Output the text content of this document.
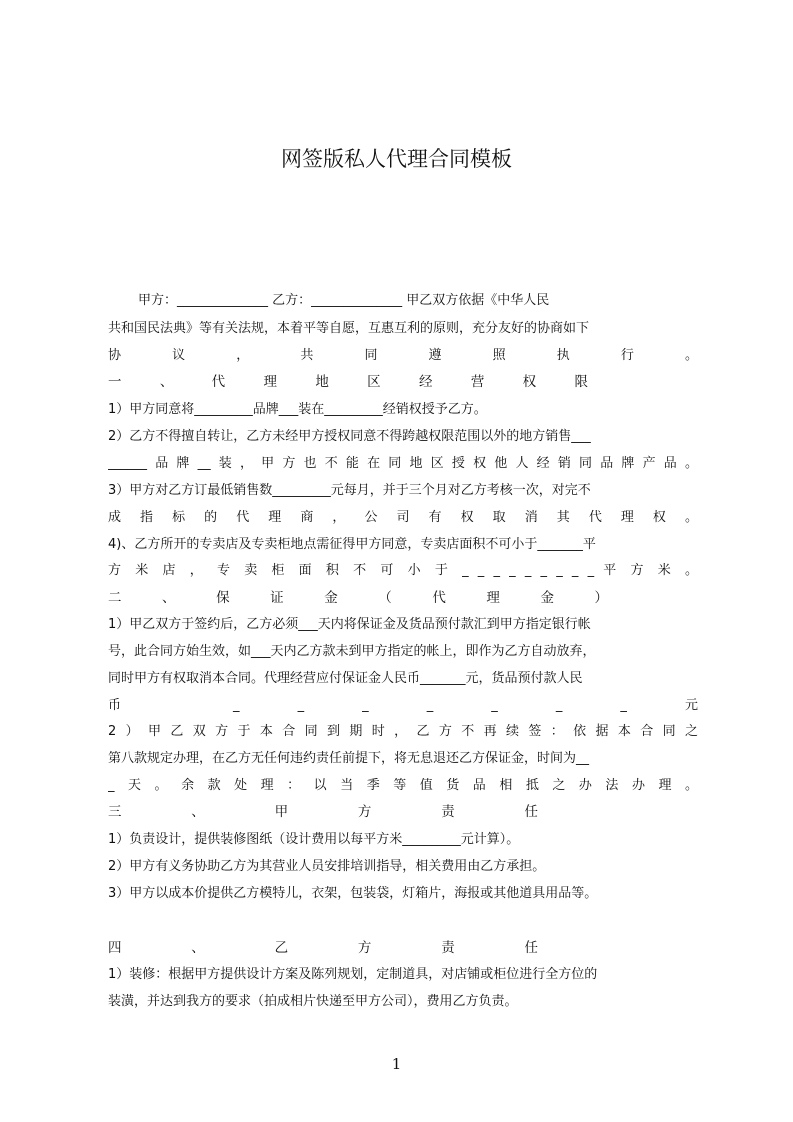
网签版私人代理合同模板
甲方：______________ 乙方：______________ 甲乙双方依据《中华人民
共和国民法典》等有关法规，本着平等自愿，互惠互利的原则，充分友好的协商如下
协 议 ， 共 同 遵 照 执 行 。
一 、 代 理 地 区 经 营 权 限
1）甲方同意将_________品牌___装在_________经销权授予乙方。
2）乙方不得擅自转让，乙方未经甲方授权同意不得跨越权限范围以外的地方销售___
______品牌__装，甲方也不能在同地区授权他人经销同品牌产品。
3）甲方对乙方订最低销售数_________元每月，并于三个月对乙方考核一次，对完不
成 指 标 的 代 理 商 ， 公 司 有 权 取 消 其 代 理 权 。
4)、乙方所开的专卖店及专卖柜地点需征得甲方同意，专卖店面积不可小于_______平
方 米 店 ， 专 卖 柜 面 积 不 可 小 于 _ _ _ _ _ _ _ _ _ 平 方 米 。
二 、 保 证 金 （ 代 理 金 ）
1）甲乙双方于签约后，乙方必须___天内将保证金及货品预付款汇到甲方指定银行帐
号，此合同方始生效，如___天内乙方款未到甲方指定的帐上，即作为乙方自动放弃，
同时甲方有权取消本合同。代理经营应付保证金人民币_______元，货品预付款人民
币 _ _ _ _ _ _ _ 元
2）甲乙双方于本合同到期时，乙方不再续签：依据本合同之
第八款规定办理，在乙方无任何违约责任前提下，将无息退还乙方保证金，时间为__
_天。余款处理：以当季等值货品相抵之办法办理。
三 、 甲 方 责 任
1）负责设计，提供装修图纸（设计费用以每平方米_________元计算）。
2）甲方有义务协助乙方为其营业人员安排培训指导，相关费用由乙方承担。
3）甲方以成本价提供乙方模特儿，衣架，包装袋，灯箱片，海报或其他道具用品等。
四 、 乙 方 责 任
1）装修：根据甲方提供设计方案及陈列规划，定制道具，对店铺或柜位进行全方位的
装潢，并达到我方的要求（拍成相片快递至甲方公司），费用乙方负责。
1
